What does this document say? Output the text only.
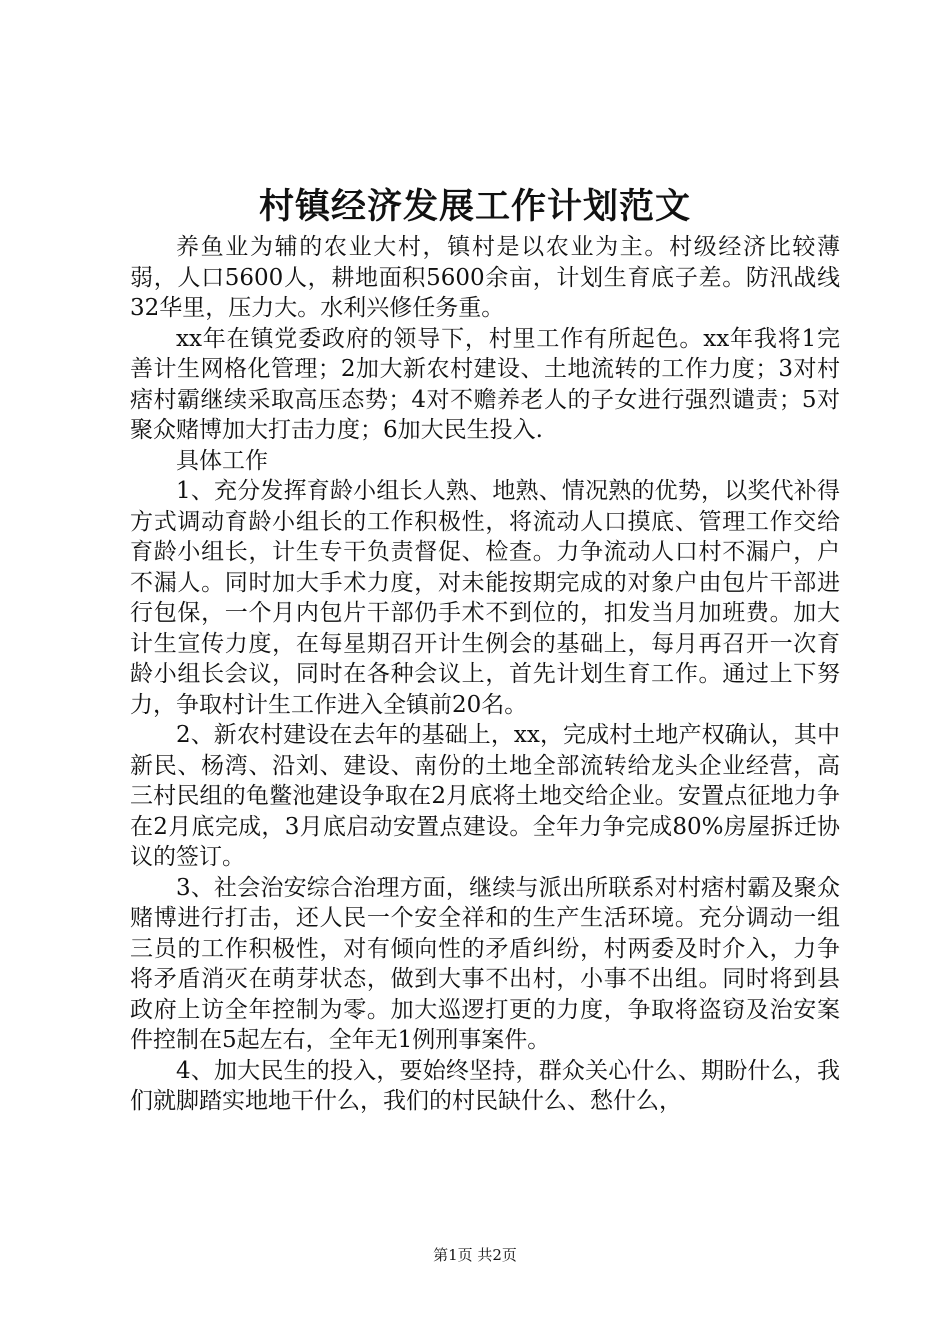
村镇经济发展工作计划范文

养鱼业为辅的农业大村，镇村是以农业为主。村级经济比较薄弱，人口5600人，耕地面积5600余亩，计划生育底子差。防汛战线32华里，压力大。水利兴修任务重。

xx年在镇党委政府的领导下，村里工作有所起色。xx年我将1完善计生网格化管理；2加大新农村建设、土地流转的工作力度；3对村痞村霸继续采取高压态势；4对不赡养老人的子女进行强烈谴责；5对聚众赌博加大打击力度；6加大民生投入.

具体工作

1、充分发挥育龄小组长人熟、地熟、情况熟的优势，以奖代补得方式调动育龄小组长的工作积极性，将流动人口摸底、管理工作交给育龄小组长，计生专干负责督促、检查。力争流动人口村不漏户，户不漏人。同时加大手术力度，对未能按期完成的对象户由包片干部进行包保，一个月内包片干部仍手术不到位的，扣发当月加班费。加大计生宣传力度，在每星期召开计生例会的基础上，每月再召开一次育龄小组长会议，同时在各种会议上，首先计划生育工作。通过上下努力，争取村计生工作进入全镇前20名。

2、新农村建设在去年的基础上，xx，完成村土地产权确认，其中新民、杨湾、沿刘、建设、南份的土地全部流转给龙头企业经营，高三村民组的龟鳖池建设争取在2月底将土地交给企业。安置点征地力争在2月底完成，3月底启动安置点建设。全年力争完成80%房屋拆迁协议的签订。

3、社会治安综合治理方面，继续与派出所联系对村痞村霸及聚众赌博进行打击，还人民一个安全祥和的生产生活环境。充分调动一组三员的工作积极性，对有倾向性的矛盾纠纷，村两委及时介入，力争将矛盾消灭在萌芽状态，做到大事不出村，小事不出组。同时将到县政府上访全年控制为零。加大巡逻打更的力度，争取将盗窃及治安案件控制在5起左右，全年无1例刑事案件。

4、加大民生的投入，要始终坚持，群众关心什么、期盼什么，我们就脚踏实地地干什么，我们的村民缺什么、愁什么，

第1页 共2页
